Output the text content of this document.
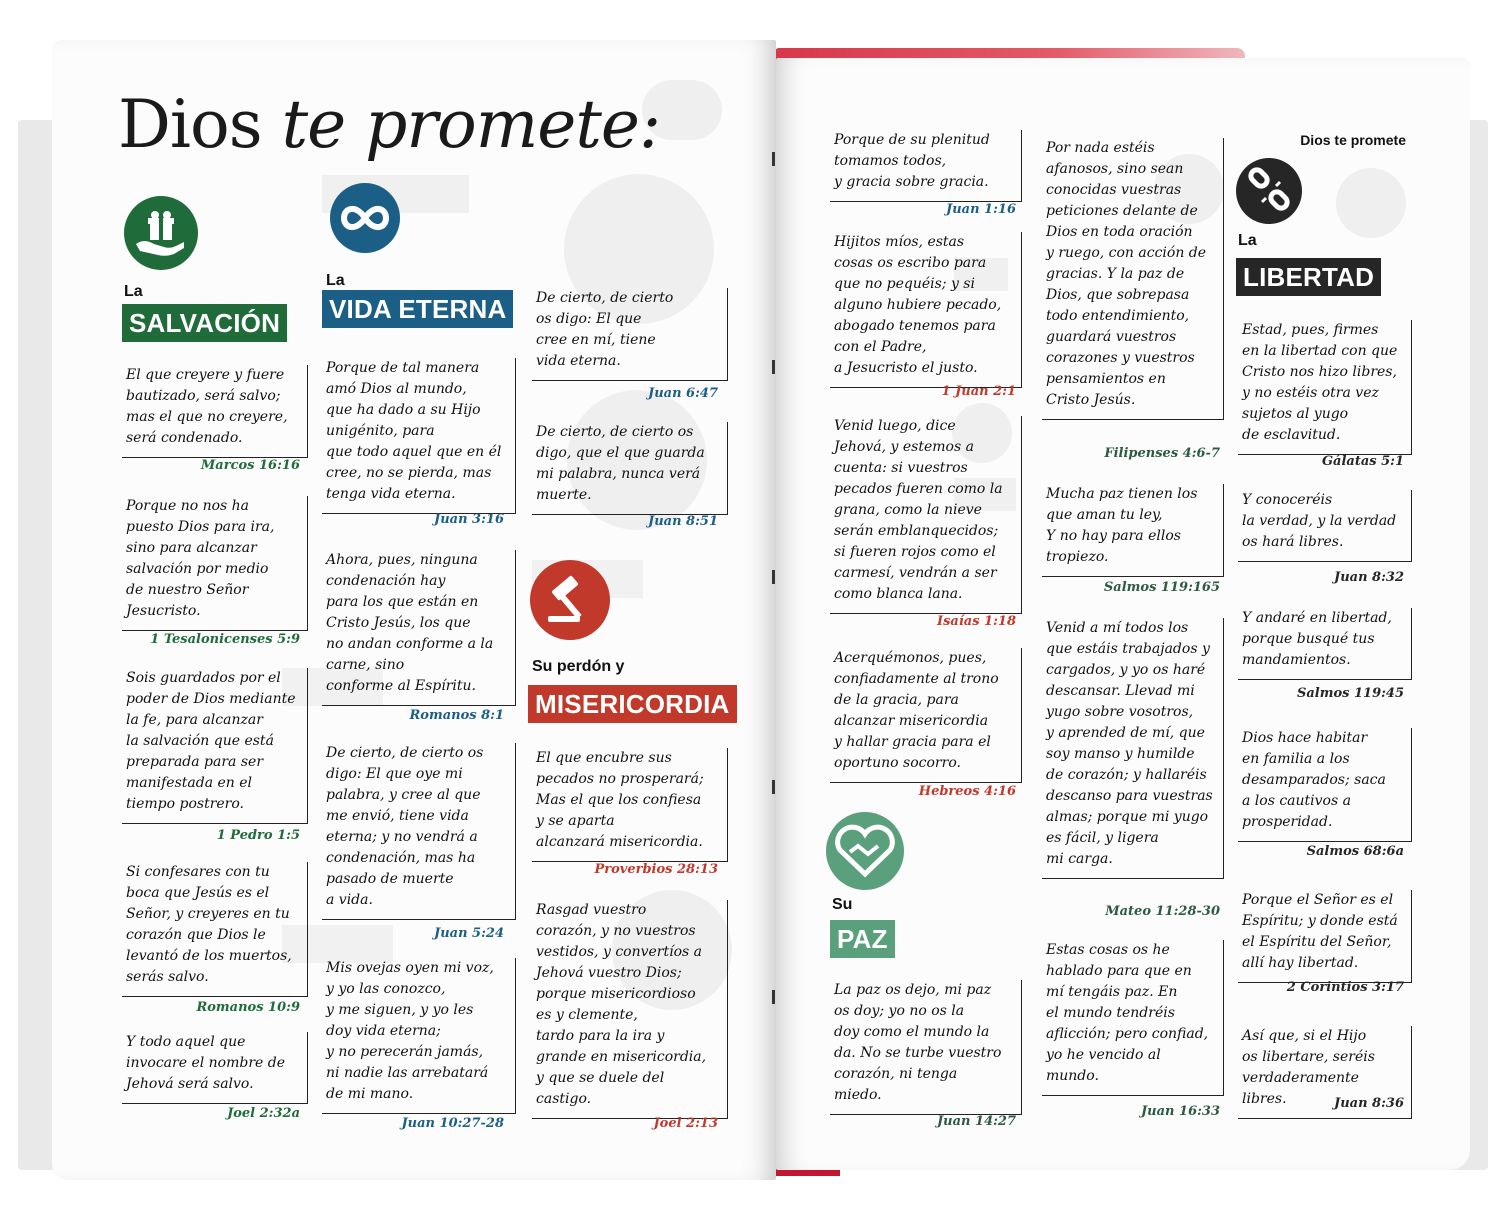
Dios te promete:
La
SALVACIÓN
La
VIDA ETERNA
Su perdón y
MISERICORDIA
El que creyere y fuere
bautizado, será salvo;
mas el que no creyere,
será condenado.
Marcos 16:16
Porque no nos ha
puesto Dios para ira,
sino para alcanzar
salvación por medio
de nuestro Señor
Jesucristo.
1 Tesalonicenses 5:9
Sois guardados por el
poder de Dios mediante
la fe, para alcanzar
la salvación que está
preparada para ser
manifestada en el
tiempo postrero.
1 Pedro 1:5
Si confesares con tu
boca que Jesús es el
Señor, y creyeres en tu
corazón que Dios le
levantó de los muertos,
serás salvo.
Romanos 10:9
Y todo aquel que
invocare el nombre de
Jehová será salvo.
Joel 2:32a
Porque de tal manera
amó Dios al mundo,
que ha dado a su Hijo
unigénito, para
que todo aquel que en él
cree, no se pierda, mas
tenga vida eterna.
Juan 3:16
Ahora, pues, ninguna
condenación hay
para los que están en
Cristo Jesús, los que
no andan conforme a la
carne, sino
conforme al Espíritu.
Romanos 8:1
De cierto, de cierto os
digo: El que oye mi
palabra, y cree al que
me envió, tiene vida
eterna; y no vendrá a
condenación, mas ha
pasado de muerte
a vida.
Juan 5:24
Mis ovejas oyen mi voz,
y yo las conozco,
y me siguen, y yo les
doy vida eterna;
y no perecerán jamás,
ni nadie las arrebatará
de mi mano.
Juan 10:27-28
De cierto, de cierto
os digo: El que
cree en mí, tiene
vida eterna.
Juan 6:47
De cierto, de cierto os
digo, que el que guarda
mi palabra, nunca verá
muerte.
Juan 8:51
El que encubre sus
pecados no prosperará;
Mas el que los confiesa
y se aparta
alcanzará misericordia.
Proverbios 28:13
Rasgad vuestro
corazón, y no vuestros
vestidos, y convertíos a
Jehová vuestro Dios;
porque misericordioso
es y clemente,
tardo para la ira y
grande en misericordia,
y que se duele del
castigo.
Joel 2:13

Dios te promete
La
LIBERTAD
Su
PAZ
Porque de su plenitud
tomamos todos,
y gracia sobre gracia.
Juan 1:16
Hijitos míos, estas
cosas os escribo para
que no pequéis; y si
alguno hubiere pecado,
abogado tenemos para
con el Padre,
a Jesucristo el justo.
1 Juan 2:1
Venid luego, dice
Jehová, y estemos a
cuenta: si vuestros
pecados fueren como la
grana, como la nieve
serán emblanquecidos;
si fueren rojos como el
carmesí, vendrán a ser
como blanca lana.
Isaías 1:18
Acerquémonos, pues,
confiadamente al trono
de la gracia, para
alcanzar misericordia
y hallar gracia para el
oportuno socorro.
Hebreos 4:16
La paz os dejo, mi paz
os doy; yo no os la
doy como el mundo la
da. No se turbe vuestro
corazón, ni tenga
miedo.
Juan 14:27
Por nada estéis
afanosos, sino sean
conocidas vuestras
peticiones delante de
Dios en toda oración
y ruego, con acción de
gracias. Y la paz de
Dios, que sobrepasa
todo entendimiento,
guardará vuestros
corazones y vuestros
pensamientos en
Cristo Jesús.
Filipenses 4:6-7
Mucha paz tienen los
que aman tu ley,
Y no hay para ellos
tropiezo.
Salmos 119:165
Venid a mí todos los
que estáis trabajados y
cargados, y yo os haré
descansar. Llevad mi
yugo sobre vosotros,
y aprended de mí, que
soy manso y humilde
de corazón; y hallaréis
descanso para vuestras
almas; porque mi yugo
es fácil, y ligera
mi carga.
Mateo 11:28-30
Estas cosas os he
hablado para que en
mí tengáis paz. En
el mundo tendréis
aflicción; pero confiad,
yo he vencido al
mundo.
Juan 16:33
Estad, pues, firmes
en la libertad con que
Cristo nos hizo libres,
y no estéis otra vez
sujetos al yugo
de esclavitud.
Gálatas 5:1
Y conoceréis
la verdad, y la verdad
os hará libres.
Juan 8:32
Y andaré en libertad,
porque busqué tus
mandamientos.
Salmos 119:45
Dios hace habitar
en familia a los
desamparados; saca
a los cautivos a
prosperidad.
Salmos 68:6a
Porque el Señor es el
Espíritu; y donde está
el Espíritu del Señor,
allí hay libertad.
2 Corintios 3:17
Así que, si el Hijo
os libertare, seréis
verdaderamente libres.	Juan 8:36
